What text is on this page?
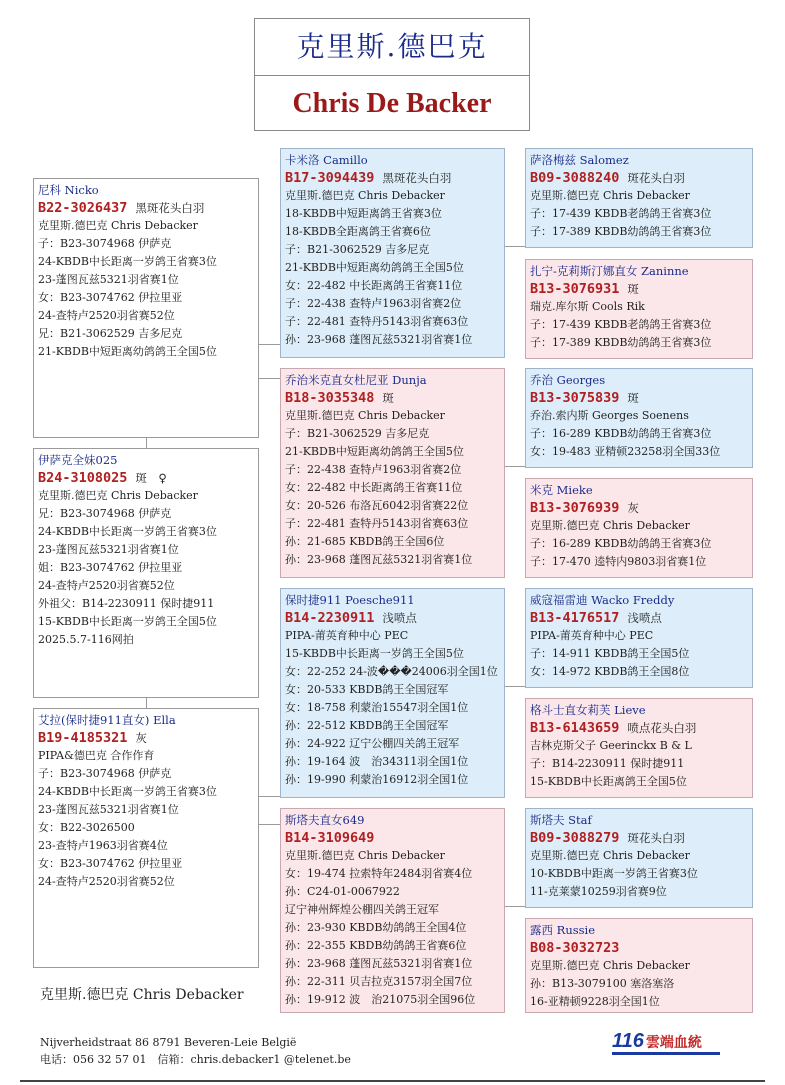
克里斯.德巴克
Chris De Backer
尼科 Nicko
B22-3026437 黑斑花头白羽
克里斯.德巴克 Chris Debacker
子：B23-3074968 伊萨克
24-KBDB中长距离一岁鸽王省赛3位
23-蓬图瓦兹5321羽省赛1位
女：B23-3074762 伊拉里亚
24-查特卢2520羽省赛52位
兄：B21-3062529 吉多尼克
21-KBDB中短距离幼鸽鸽王全国5位
伊萨克全妹025
B24-3108025 斑　♀
克里斯.德巴克 Chris Debacker
兄：B23-3074968 伊萨克
24-KBDB中长距离一岁鸽王省赛3位
23-蓬图瓦兹5321羽省赛1位
姐：B23-3074762 伊拉里亚
24-查特卢2520羽省赛52位
外祖父：B14-2230911 保时捷911
15-KBDB中长距离一岁鸽王全国5位
2025.5.7-116网拍
艾拉(保时捷911直女) Ella
B19-4185321 灰
PIPA&德巴克 合作作育
子：B23-3074968 伊萨克
24-KBDB中长距离一岁鸽王省赛3位
23-蓬图瓦兹5321羽省赛1位
女：B22-3026500
23-查特卢1963羽省赛4位
女：B23-3074762 伊拉里亚
24-查特卢2520羽省赛52位
卡米洛 Camillo
B17-3094439 黑斑花头白羽
克里斯.德巴克 Chris Debacker
18-KBDB中短距离鸽王省赛3位
18-KBDB全距离鸽王省赛6位
子：B21-3062529 吉多尼克
21-KBDB中短距离幼鸽鸽王全国5位
女：22-482 中长距离鸽王省赛11位
子：22-438 查特卢1963羽省赛2位
子：22-481 查特丹5143羽省赛63位
孙：23-968 蓬图瓦兹5321羽省赛1位
乔治米克直女杜尼亚 Dunja
B18-3035348 斑
克里斯.德巴克 Chris Debacker
子：B21-3062529 吉多尼克
21-KBDB中短距离幼鸽鸽王全国5位
子：22-438 查特卢1963羽省赛2位
女：22-482 中长距离鸽王省赛11位
女：20-526 布洛瓦6042羽省赛22位
子：22-481 查特丹5143羽省赛63位
孙：21-685 KBDB鸽王全国6位
孙：23-968 蓬图瓦兹5321羽省赛1位
保时捷911 Poesche911
B14-2230911 浅喷点
PIPA-莆英育种中心 PEC
15-KBDB中长距离一岁鸽王全国5位
女：22-252 24-波���24006羽全国1位
女：20-533 KBDB鸽王全国冠军
女：18-758 利蒙治15547羽全国1位
孙：22-512 KBDB鸽王全国冠军
孙：24-922 辽宁公棚四关鸽王冠军
孙：19-164 波　治34311羽全国1位
孙：19-990 利蒙治16912羽全国1位
斯塔夫直女649
B14-3109649
克里斯.德巴克 Chris Debacker
女：19-474 拉索特年2484羽省赛4位
孙：C24-01-0067922
辽宁神州辉煌公棚四关鸽王冠军
孙：23-930 KBDB幼鸽鸽王全国4位
孙：22-355 KBDB幼鸽鸽王省赛6位
孙：23-968 蓬图瓦兹5321羽省赛1位
孙：22-311 贝吉拉克3157羽全国7位
孙：19-912 波　治21075羽全国96位
萨洛梅兹 Salomez
B09-3088240 斑花头白羽
克里斯.德巴克 Chris Debacker
子：17-439 KBDB老鸽鸽王省赛3位
子：17-389 KBDB幼鸽鸽王省赛3位
扎宁-克莉斯汀娜直女 Zaninne
B13-3076931 斑
瑞克.库尔斯 Cools Rik
子：17-439 KBDB老鸽鸽王省赛3位
子：17-389 KBDB幼鸽鸽王省赛3位
乔治 Georges
B13-3075839 斑
乔治.索内斯 Georges Soenens
子：16-289 KBDB幼鸽鸽王省赛3位
女：19-483 亚精顿23258羽全国33位
米克 Mieke
B13-3076939 灰
克里斯.德巴克 Chris Debacker
子：16-289 KBDB幼鸽鸽王省赛3位
子：17-470 逵特内9803羽省赛1位
威寇福雷迪 Wacko Freddy
B13-4176517 浅喷点
PIPA-莆英育种中心 PEC
子：14-911 KBDB鸽王全国5位
女：14-972 KBDB鸽王全国8位
格斗士直女莉芙 Lieve
B13-6143659 喷点花头白羽
吉林克斯父子 Geerinckx B & L
子：B14-2230911 保时捷911
15-KBDB中长距离鸽王全国5位
斯塔夫 Staf
B09-3088279 斑花头白羽
克里斯.德巴克 Chris Debacker
10-KBDB中距离一岁鸽王省赛3位
11-克莱蒙10259羽省赛9位
露西 Russie
B08-3032723
克里斯.德巴克 Chris Debacker
孙：B13-3079100 塞洛塞洛
16-亚精顿9228羽全国1位
克里斯.德巴克 Chris Debacker
Nijverheidstraat 86 8791 Beveren-Leie België
电话：056 32 57 01　信箱：chris.debacker1 @telenet.be
116 雲端血統
